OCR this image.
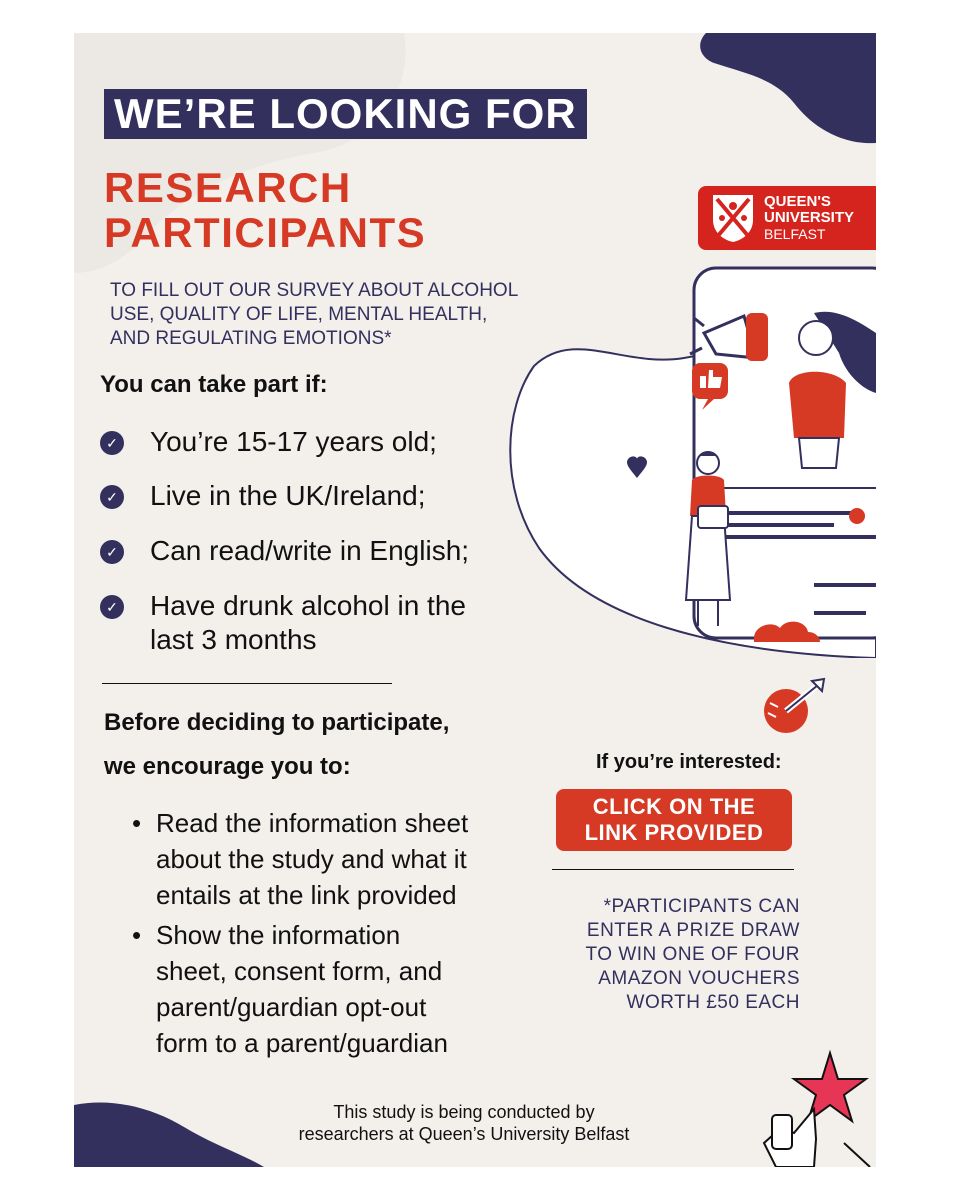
WE’RE LOOKING FOR
RESEARCH
PARTICIPANTS
TO FILL OUT OUR SURVEY ABOUT ALCOHOL
USE, QUALITY OF LIFE, MENTAL HEALTH,
AND REGULATING EMOTIONS*
QUEEN'S
UNIVERSITY
BELFAST
You can take part if:
✓ You’re 15-17 years old;
✓ Live in the UK/Ireland;
✓ Can read/write in English;
✓ Have drunk alcohol in the
last 3 months
Before deciding to participate,
we encourage you to:
• Read the information sheet
about the study and what it
entails at the link provided
• Show the information
sheet, consent form, and
parent/guardian opt-out
form to a parent/guardian
If you’re interested:
CLICK ON THE
LINK PROVIDED
*PARTICIPANTS CAN
ENTER A PRIZE DRAW
TO WIN ONE OF FOUR
AMAZON VOUCHERS
WORTH £50 EACH
This study is being conducted by
researchers at Queen’s University Belfast
